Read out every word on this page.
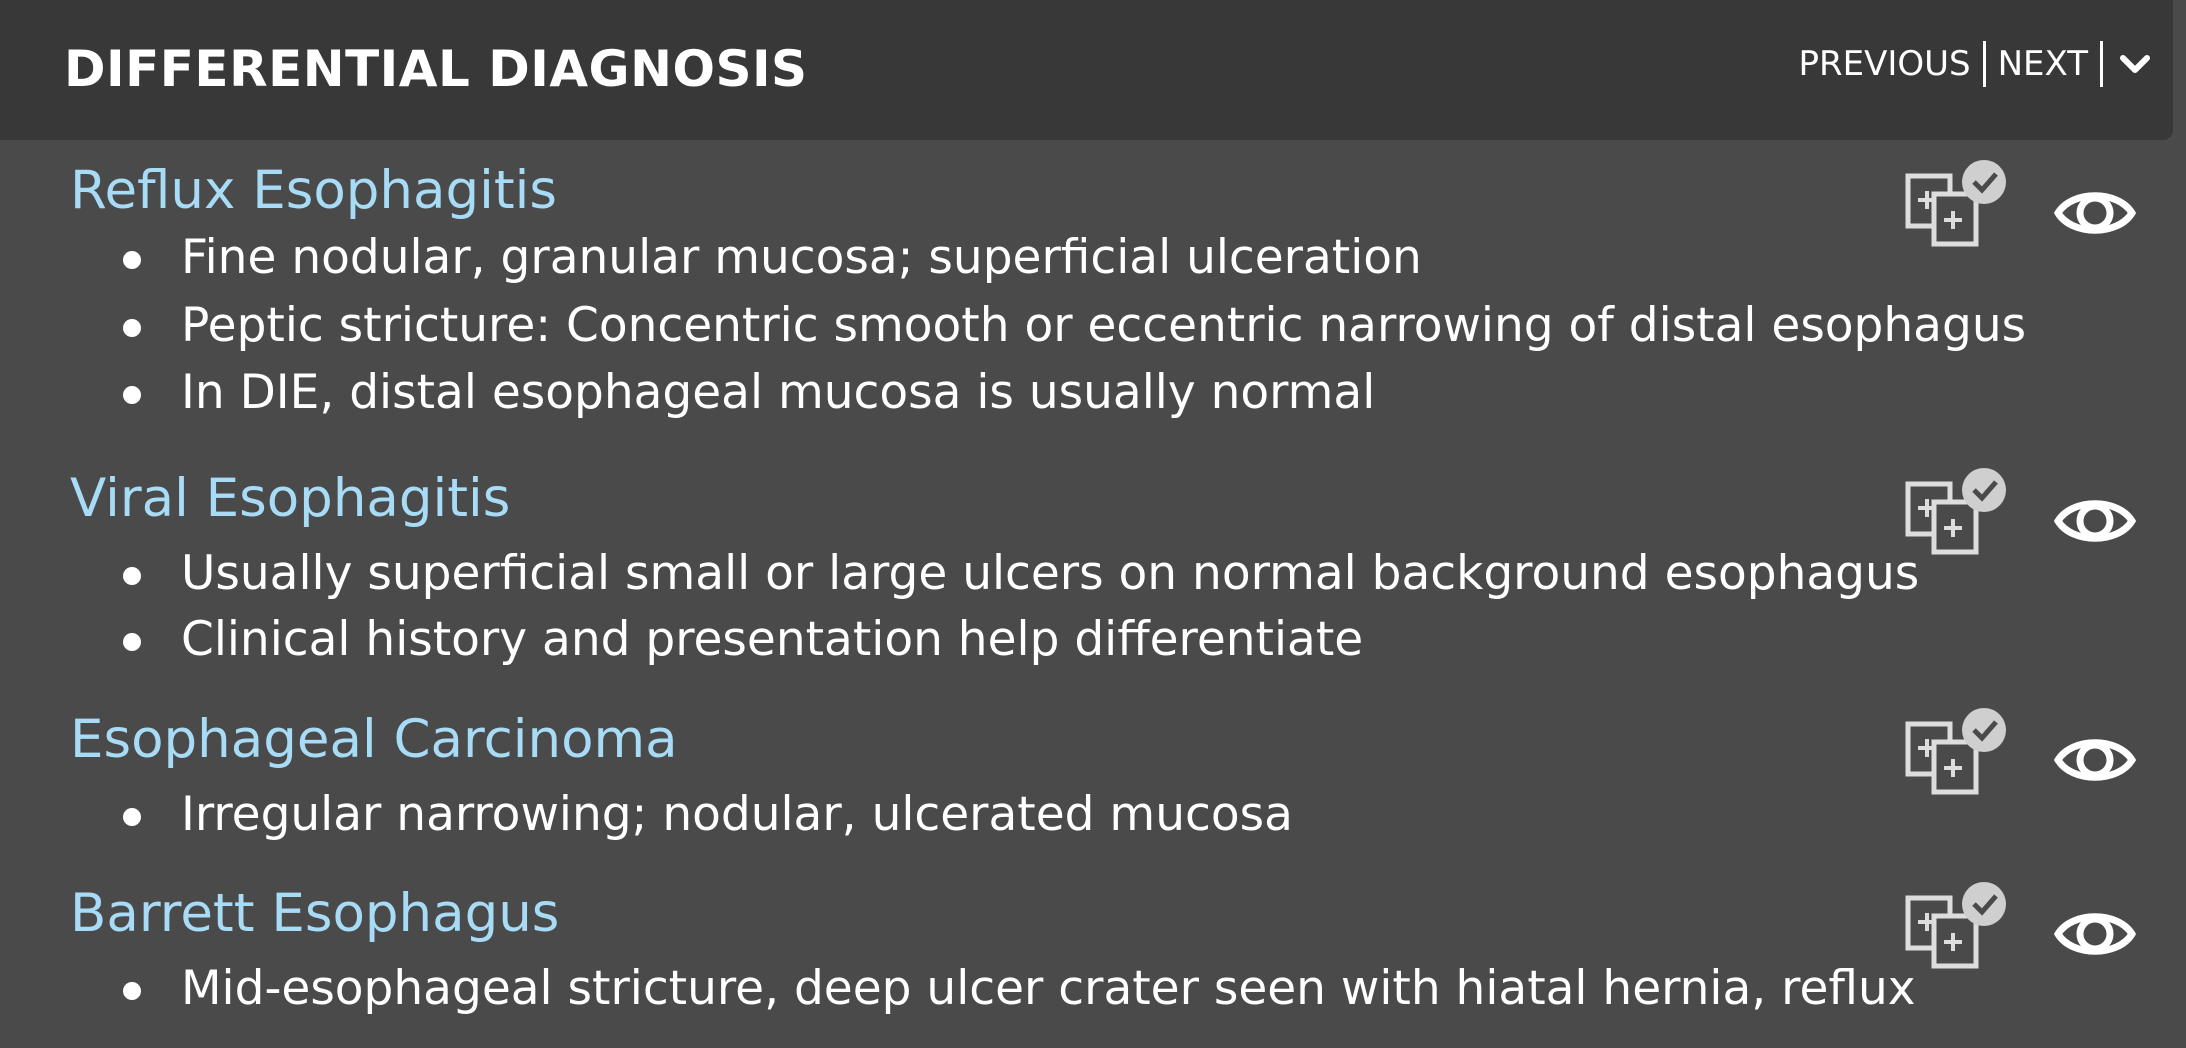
DIFFERENTIAL DIAGNOSIS	PREVIOUS NEXT
Reflux Esophagitis
Fine nodular, granular mucosa; superficial ulceration
Peptic stricture: Concentric smooth or eccentric narrowing of distal esophagus
In DIE, distal esophageal mucosa is usually normal
Viral Esophagitis
Usually superficial small or large ulcers on normal background esophagus
Clinical history and presentation help differentiate
Esophageal Carcinoma
Irregular narrowing; nodular, ulcerated mucosa
Barrett Esophagus
Mid-esophageal stricture, deep ulcer crater seen with hiatal hernia, reflux
